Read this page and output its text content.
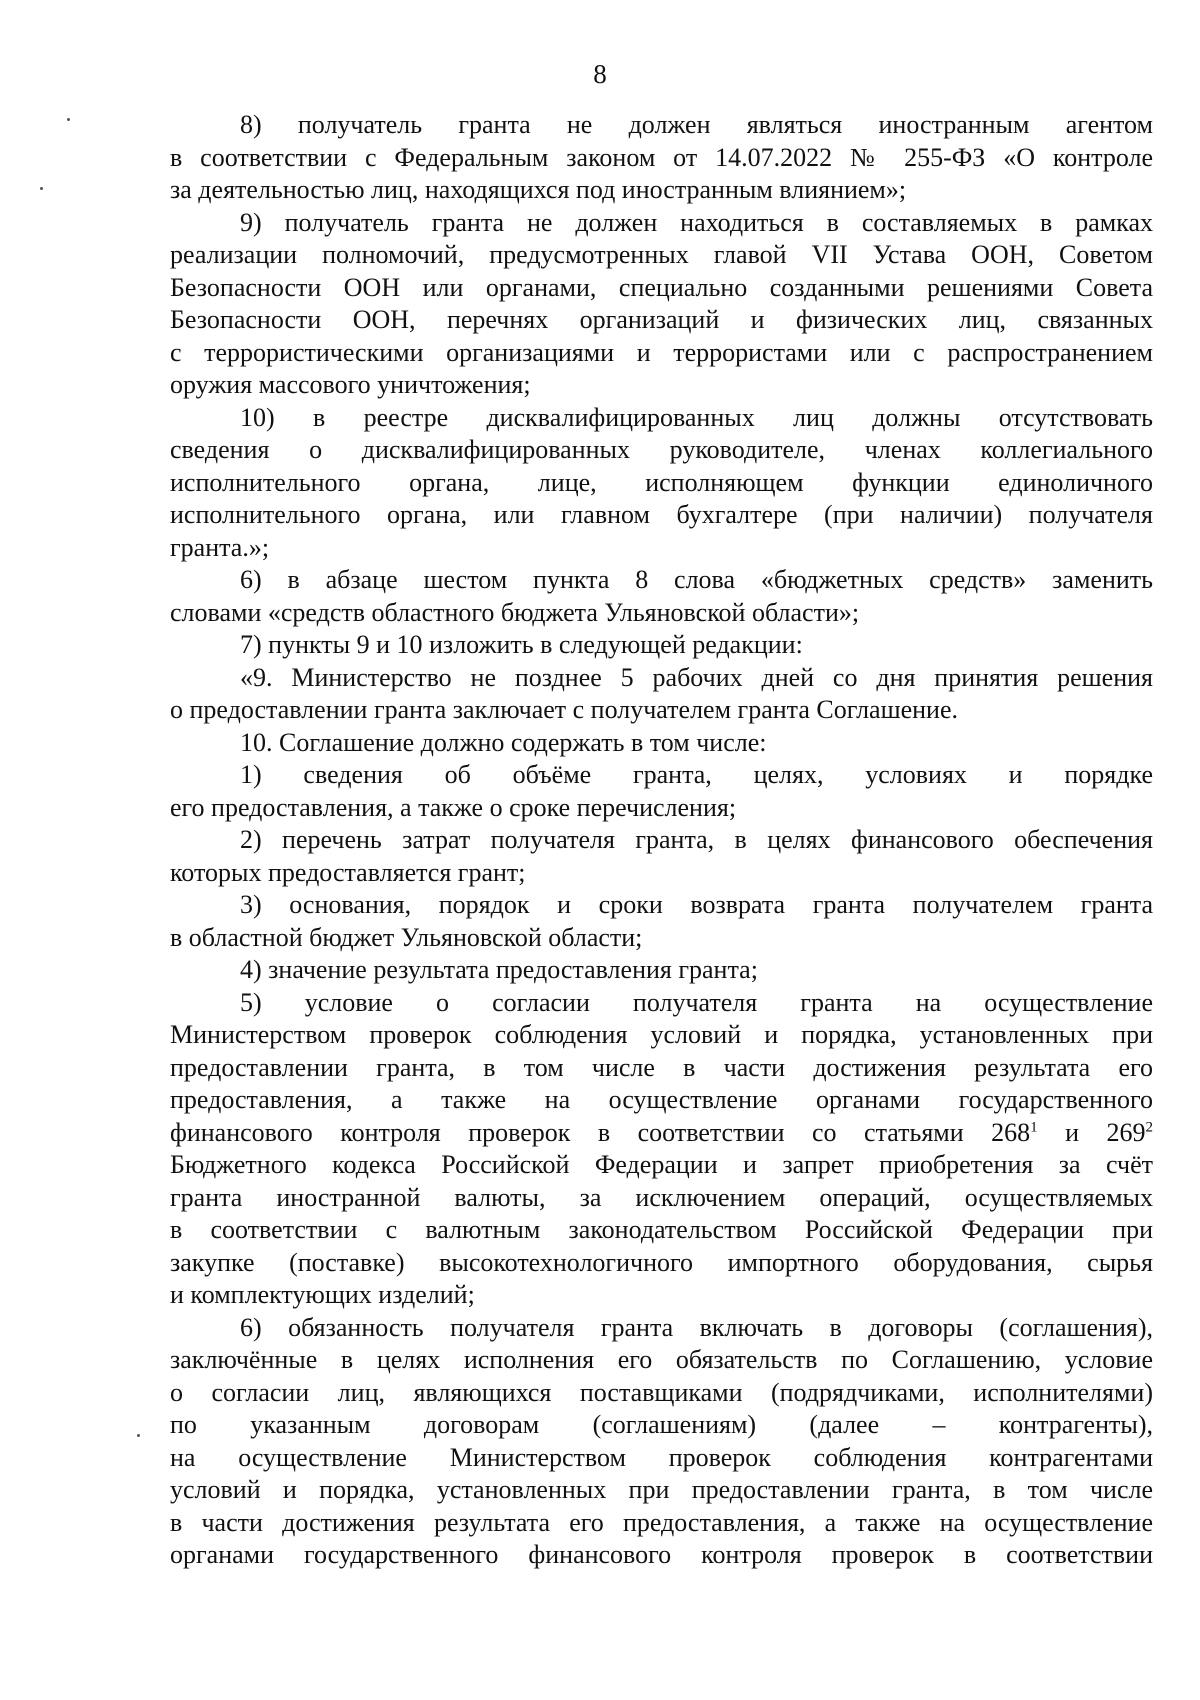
8
8) получатель гранта не должен являться иностранным агентом
в соответствии с Федеральным законом от 14.07.2022 № 255-ФЗ «О контроле
за деятельностью лиц, находящихся под иностранным влиянием»;
9) получатель гранта не должен находиться в составляемых в рамках
реализации полномочий, предусмотренных главой VII Устава ООН, Советом
Безопасности ООН или органами, специально созданными решениями Совета
Безопасности ООН, перечнях организаций и физических лиц, связанных
с террористическими организациями и террористами или с распространением
оружия массового уничтожения;
10) в реестре дисквалифицированных лиц должны отсутствовать
сведения о дисквалифицированных руководителе, членах коллегиального
исполнительного органа, лице, исполняющем функции единоличного
исполнительного органа, или главном бухгалтере (при наличии) получателя
гранта.»;
6) в абзаце шестом пункта 8 слова «бюджетных средств» заменить
словами «средств областного бюджета Ульяновской области»;
7) пункты 9 и 10 изложить в следующей редакции:
«9. Министерство не позднее 5 рабочих дней со дня принятия решения
о предоставлении гранта заключает с получателем гранта Соглашение.
10. Соглашение должно содержать в том числе:
1) сведения об объёме гранта, целях, условиях и порядке
его предоставления, а также о сроке перечисления;
2) перечень затрат получателя гранта, в целях финансового обеспечения
которых предоставляется грант;
3) основания, порядок и сроки возврата гранта получателем гранта
в областной бюджет Ульяновской области;
4) значение результата предоставления гранта;
5) условие о согласии получателя гранта на осуществление
Министерством проверок соблюдения условий и порядка, установленных при
предоставлении гранта, в том числе в части достижения результата его
предоставления, а также на осуществление органами государственного
финансового контроля проверок в соответствии со статьями $268^1$ и $269^2$
Бюджетного кодекса Российской Федерации и запрет приобретения за счёт
гранта иностранной валюты, за исключением операций, осуществляемых
в соответствии с валютным законодательством Российской Федерации при
закупке (поставке) высокотехнологичного импортного оборудования, сырья
и комплектующих изделий;
6) обязанность получателя гранта включать в договоры (соглашения),
заключённые в целях исполнения его обязательств по Соглашению, условие
о согласии лиц, являющихся поставщиками (подрядчиками, исполнителями)
по указанным договорам (соглашениям) (далее – контрагенты),
на осуществление Министерством проверок соблюдения контрагентами
условий и порядка, установленных при предоставлении гранта, в том числе
в части достижения результата его предоставления, а также на осуществление
органами государственного финансового контроля проверок в соответствии
